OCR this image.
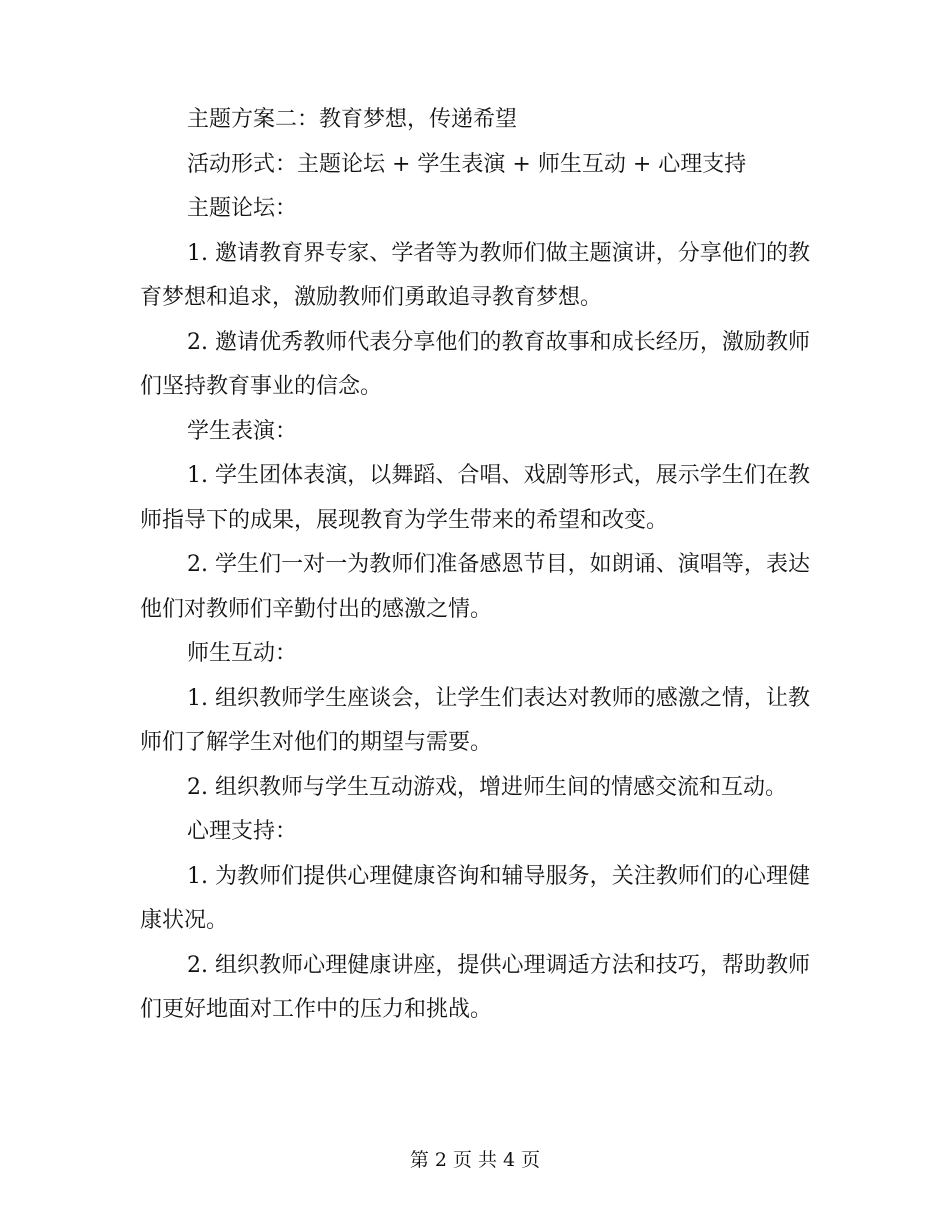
主题方案二：教育梦想，传递希望

活动形式：主题论坛 + 学生表演 + 师生互动 + 心理支持

主题论坛：

1. 邀请教育界专家、学者等为教师们做主题演讲，分享他们的教育梦想和追求，激励教师们勇敢追寻教育梦想。

2. 邀请优秀教师代表分享他们的教育故事和成长经历，激励教师们坚持教育事业的信念。

学生表演：

1. 学生团体表演，以舞蹈、合唱、戏剧等形式，展示学生们在教师指导下的成果，展现教育为学生带来的希望和改变。

2. 学生们一对一为教师们准备感恩节目，如朗诵、演唱等，表达他们对教师们辛勤付出的感激之情。

师生互动：

1. 组织教师学生座谈会，让学生们表达对教师的感激之情，让教师们了解学生对他们的期望与需要。

2. 组织教师与学生互动游戏，增进师生间的情感交流和互动。

心理支持：

1. 为教师们提供心理健康咨询和辅导服务，关注教师们的心理健康状况。

2. 组织教师心理健康讲座，提供心理调适方法和技巧，帮助教师们更好地面对工作中的压力和挑战。

第 2 页 共 4 页
